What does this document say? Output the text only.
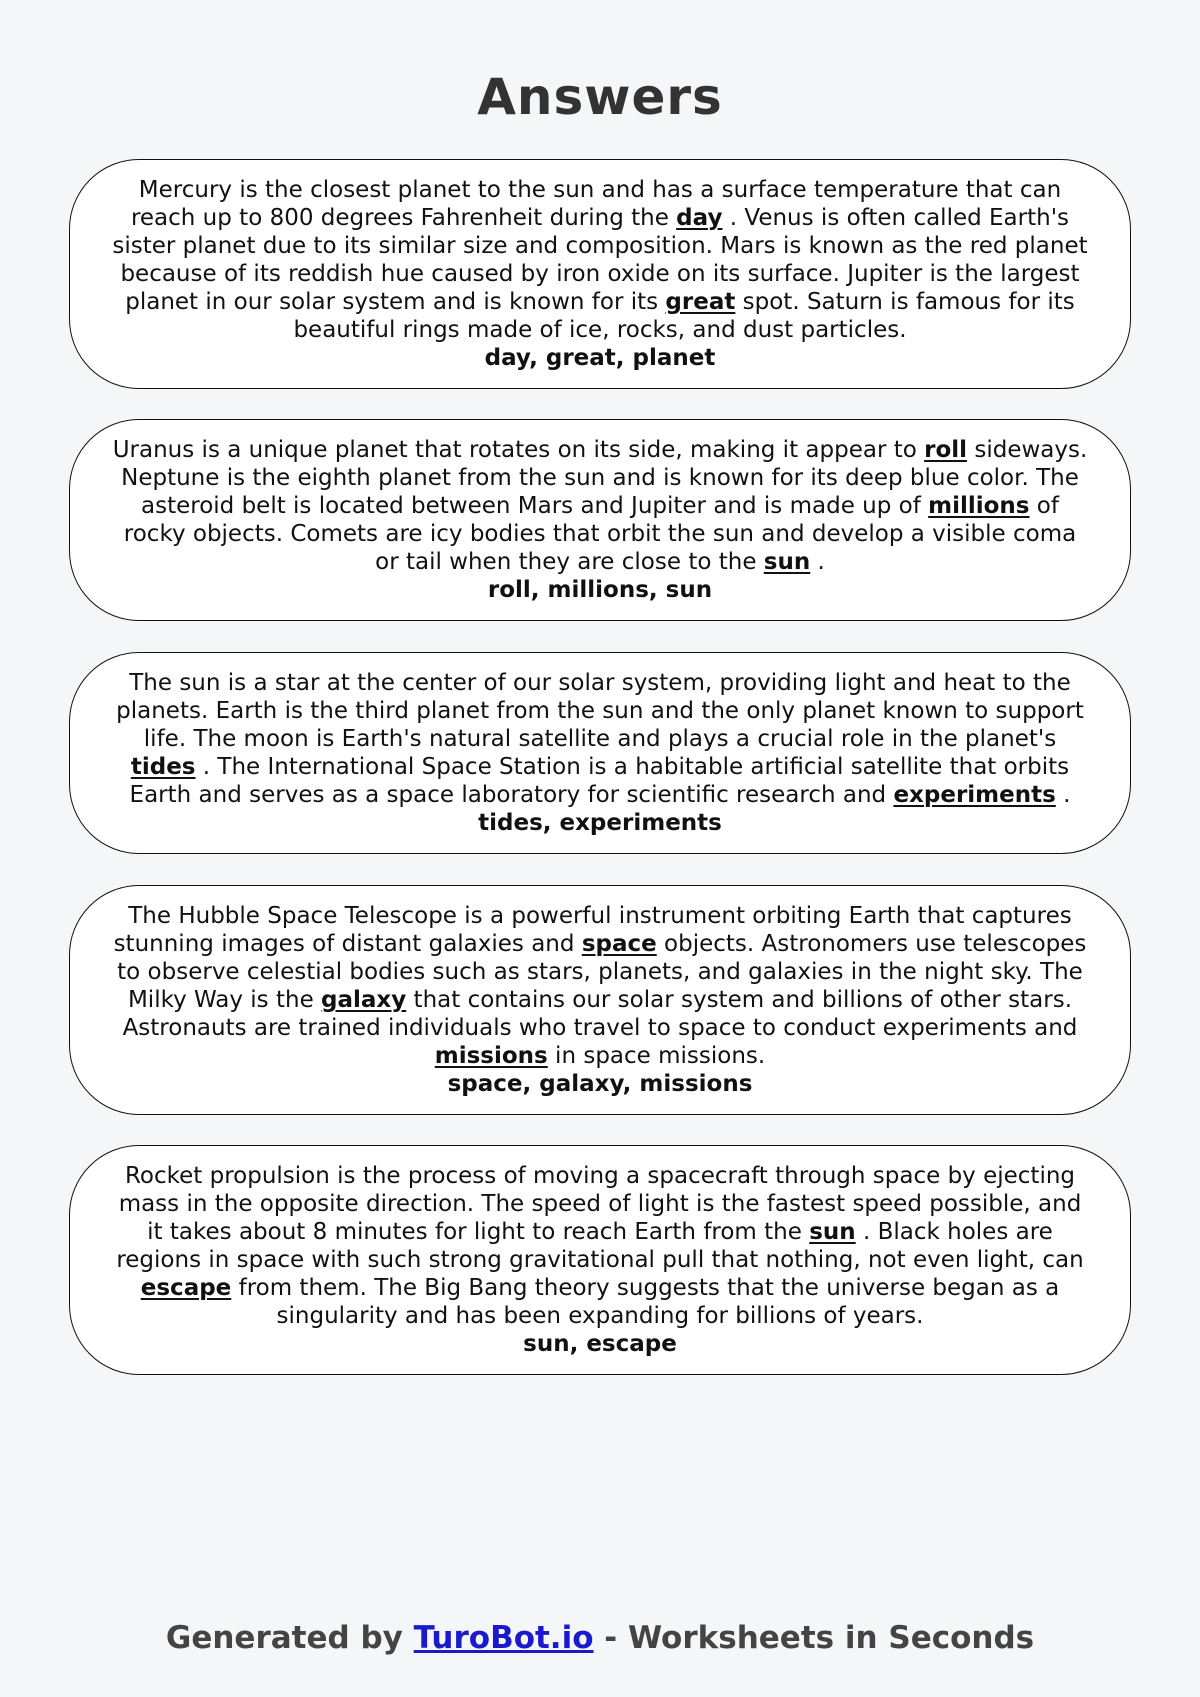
Answers

Mercury is the closest planet to the sun and has a surface temperature that can
reach up to 800 degrees Fahrenheit during the day . Venus is often called Earth's
sister planet due to its similar size and composition. Mars is known as the red planet
because of its reddish hue caused by iron oxide on its surface. Jupiter is the largest
planet in our solar system and is known for its great spot. Saturn is famous for its
beautiful rings made of ice, rocks, and dust particles.

day, great, planet

Uranus is a unique planet that rotates on its side, making it appear to roll sideways.
Neptune is the eighth planet from the sun and is known for its deep blue color. The
asteroid belt is located between Mars and Jupiter and is made up of millions of
rocky objects. Comets are icy bodies that orbit the sun and develop a visible coma
or tail when they are close to the sun .

roll, millions, sun

The sun is a star at the center of our solar system, providing light and heat to the
planets. Earth is the third planet from the sun and the only planet known to support
life. The moon is Earth's natural satellite and plays a crucial role in the planet's
tides . The International Space Station is a habitable artificial satellite that orbits
Earth and serves as a space laboratory for scientific research and experiments .

tides, experiments

The Hubble Space Telescope is a powerful instrument orbiting Earth that captures
stunning images of distant galaxies and space objects. Astronomers use telescopes
to observe celestial bodies such as stars, planets, and galaxies in the night sky. The
Milky Way is the galaxy that contains our solar system and billions of other stars.
Astronauts are trained individuals who travel to space to conduct experiments and
missions in space missions.

space, galaxy, missions

Rocket propulsion is the process of moving a spacecraft through space by ejecting
mass in the opposite direction. The speed of light is the fastest speed possible, and
it takes about 8 minutes for light to reach Earth from the sun . Black holes are
regions in space with such strong gravitational pull that nothing, not even light, can
escape from them. The Big Bang theory suggests that the universe began as a
singularity and has been expanding for billions of years.

sun, escape

Generated by TuroBot.io - Worksheets in Seconds
